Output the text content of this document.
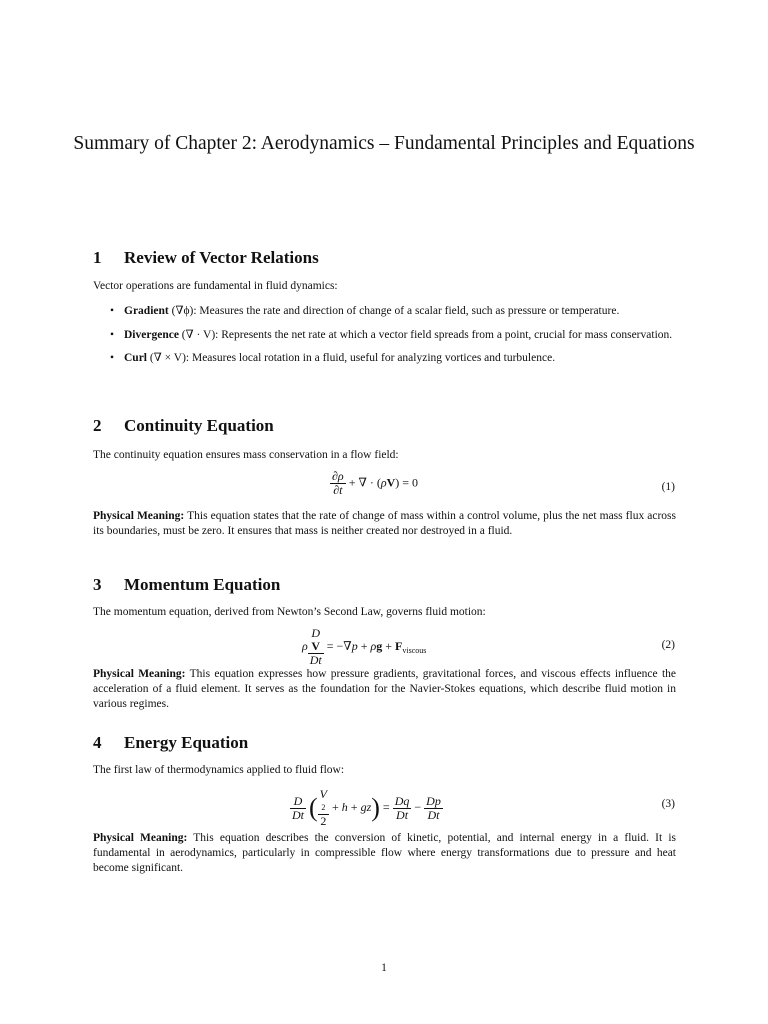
Summary of Chapter 2: Aerodynamics – Fundamental Principles and Equations
1 Review of Vector Relations
Vector operations are fundamental in fluid dynamics:
• Gradient (∇ϕ): Measures the rate and direction of change of a scalar field, such as pressure or temperature.
• Divergence (∇ · V): Represents the net rate at which a vector field spreads from a point, crucial for mass conservation.
• Curl (∇ × V): Measures local rotation in a fluid, useful for analyzing vortices and turbulence.
2 Continuity Equation
The continuity equation ensures mass conservation in a flow field:
$\frac{\partial\rho}{\partial t}$ + ∇ · (ρV) = 0	(1)
Physical Meaning: This equation states that the rate of change of mass within a control volume, plus the net mass flux across its boundaries, must be zero. It ensures that mass is neither created nor destroyed in a fluid.
3 Momentum Equation
The momentum equation, derived from Newton’s Second Law, governs fluid motion:
ρ D
V
$Dt = -\nabla p + \rho g + F_{viscous}$	(2)
Physical Meaning: This equation expresses how pressure gradients, gravitational forces, and viscous effects influence the acceleration of a fluid element. It serves as the foundation for the Navier-Stokes equations, which describe fluid motion in various regimes.
4 Energy Equation
The first law of thermodynamics applied to fluid flow:
$\frac{D}{Dt}$ ( V
2
$2 + h + gz) = \frac{Dq}{Dt} - \frac{Dp}{Dt}$	(3)
Physical Meaning: This equation describes the conversion of kinetic, potential, and internal energy in a fluid. It is fundamental in aerodynamics, particularly in compressible flow where energy transformations due to pressure and heat become significant.
1
